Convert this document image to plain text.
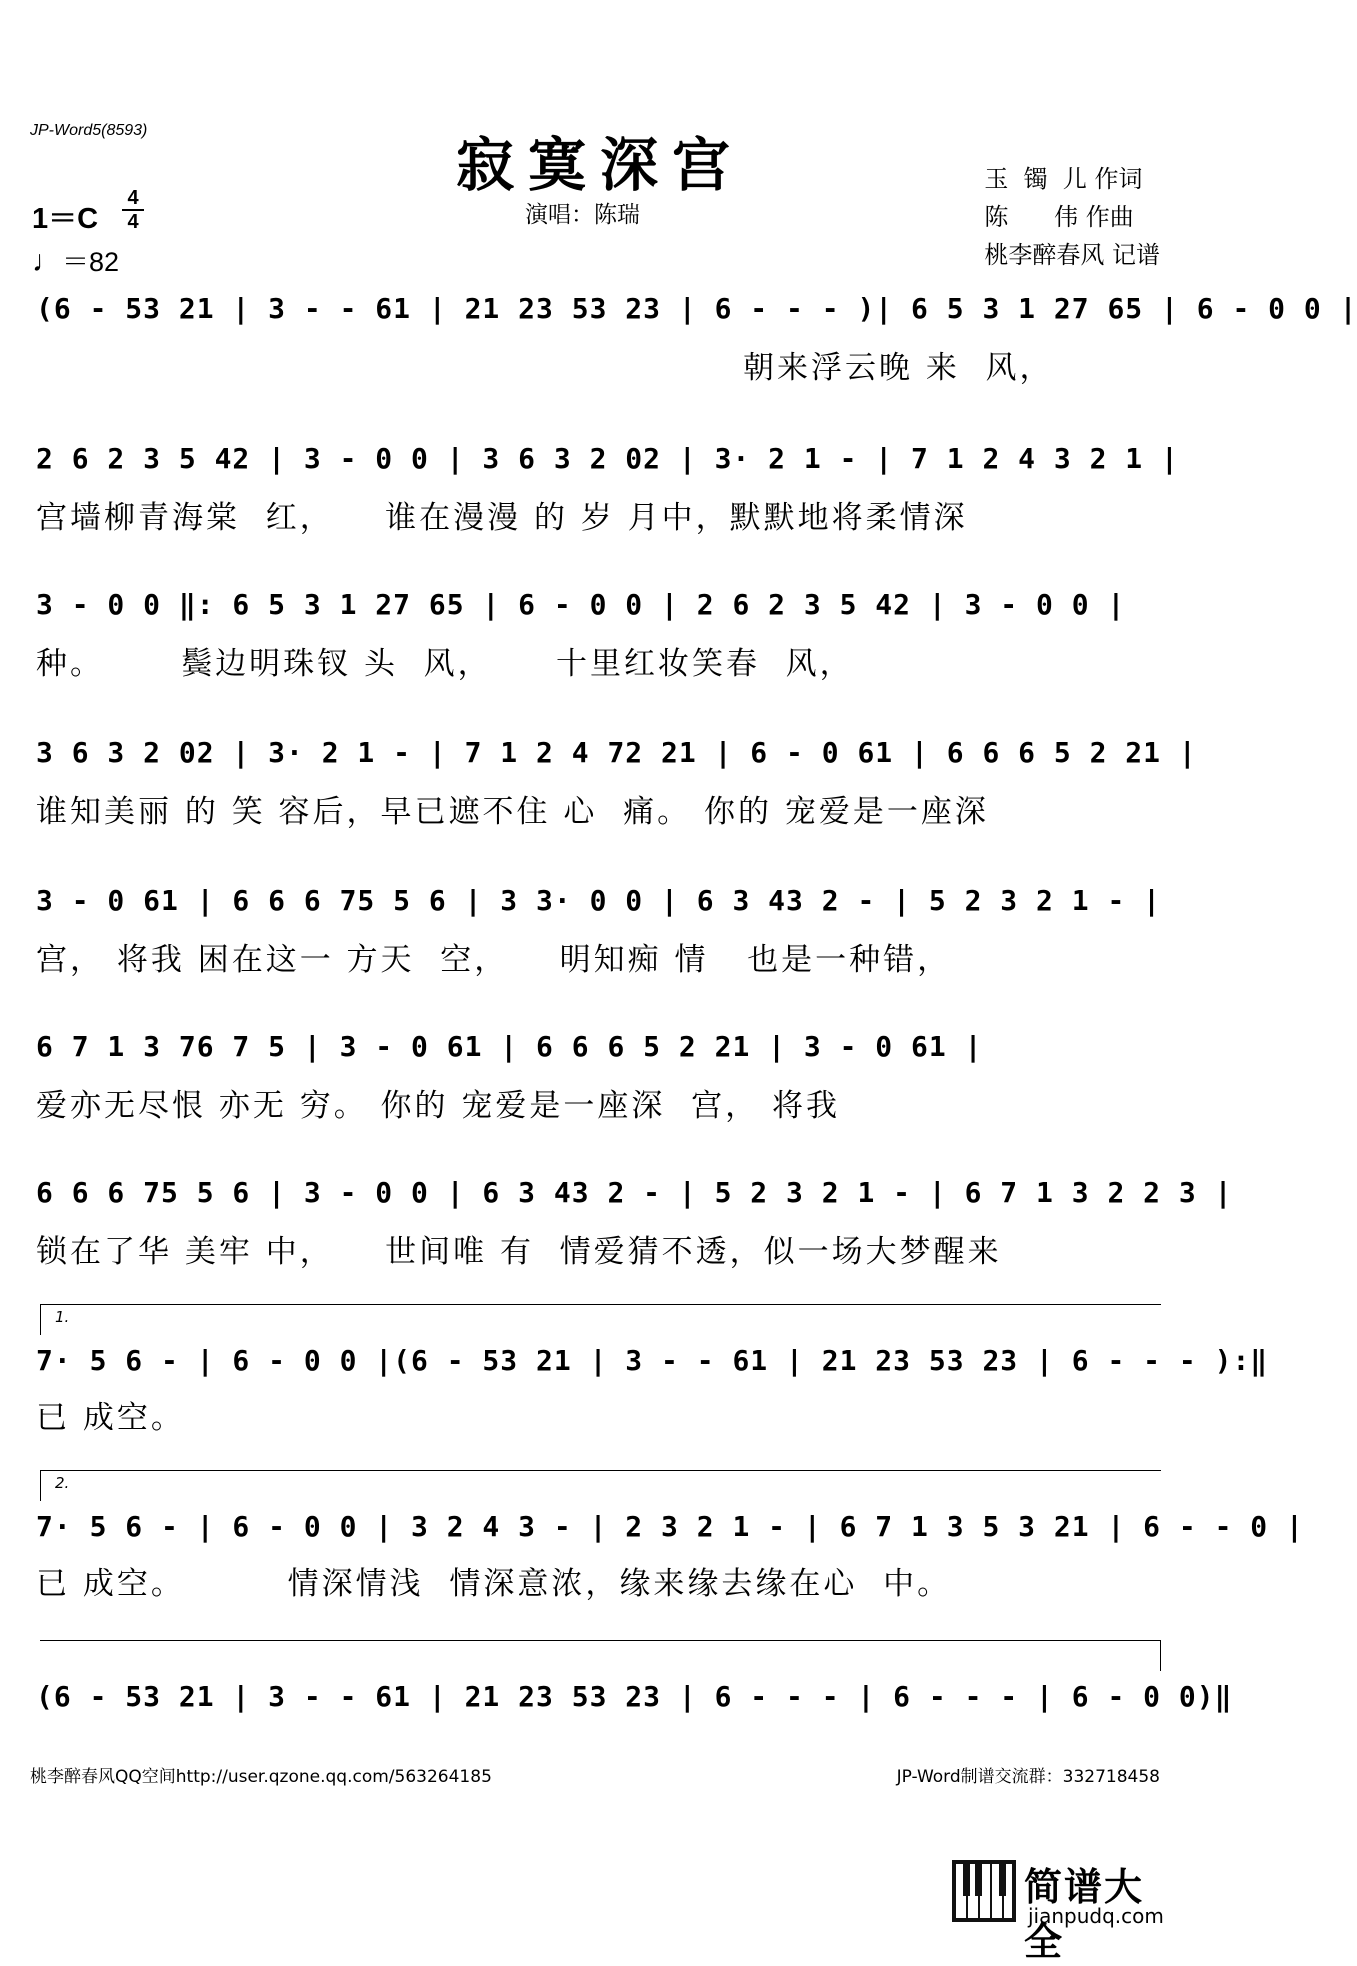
JP-Word5(8593)
寂寞深宫
演唱：陈瑞
玉  镯  儿 作词
陈      伟 作曲
桃李醉春风 记谱
1＝C
4
4
♩＝82
(6 - 53 21 | 3 - - 61 | 21 23 53 23 | 6 - - - )| 6 5 3 1 27 65 | 6 - 0 0 |
朝来浮云晚 来  风，
2 6 2 3 5 42 | 3 - 0 0 | 3 6 3 2 02 | 3· 2 1 - | 7 1 2 4 3 2 1 |
宫墙柳青海棠  红，    谁在漫漫 的 岁 月中，默默地将柔情深
3 - 0 0 ‖: 6 5 3 1 27 65 | 6 - 0 0 | 2 6 2 3 5 42 | 3 - 0 0 |
种。      鬓边明珠钗 头  风，     十里红妆笑春  风，
3 6 3 2 02 | 3· 2 1 - | 7 1 2 4 72 21 | 6 - 0 61 | 6 6 6 5 2 21 |
谁知美丽 的 笑 容后，早已遮不住 心  痛。 你的 宠爱是一座深
3 - 0 61 | 6 6 6 75 5 6 | 3 3· 0 0 | 6 3 43 2 - | 5 2 3 2 1 - |
宫， 将我 困在这一 方天  空，    明知痴 情   也是一种错，
6 7 1 3 76 7 5 | 3 - 0 61 | 6 6 6 5 2 21 | 3 - 0 61 |
爱亦无尽恨 亦无 穷。 你的 宠爱是一座深  宫， 将我
6 6 6 75 5 6 | 3 - 0 0 | 6 3 43 2 - | 5 2 3 2 1 - | 6 7 1 3 2 2 3 |
锁在了华 美牢 中，    世间唯 有  情爱猜不透，似一场大梦醒来
1.
7· 5 6 - | 6 - 0 0 |(6 - 53 21 | 3 - - 61 | 21 23 53 23 | 6 - - - ):‖
已 成空。
2.
7· 5 6 - | 6 - 0 0 | 3 2 4 3 - | 2 3 2 1 - | 6 7 1 3 5 3 21 | 6 - - 0 |
已 成空。        情深情浅  情深意浓，缘来缘去缘在心  中。
(6 - 53 21 | 3 - - 61 | 21 23 53 23 | 6 - - - | 6 - - - | 6 - 0 0)‖
桃李醉春风QQ空间http://user.qzone.qq.com/563264185	JP-Word制谱交流群：332718458
简谱大全
jianpudq.com
